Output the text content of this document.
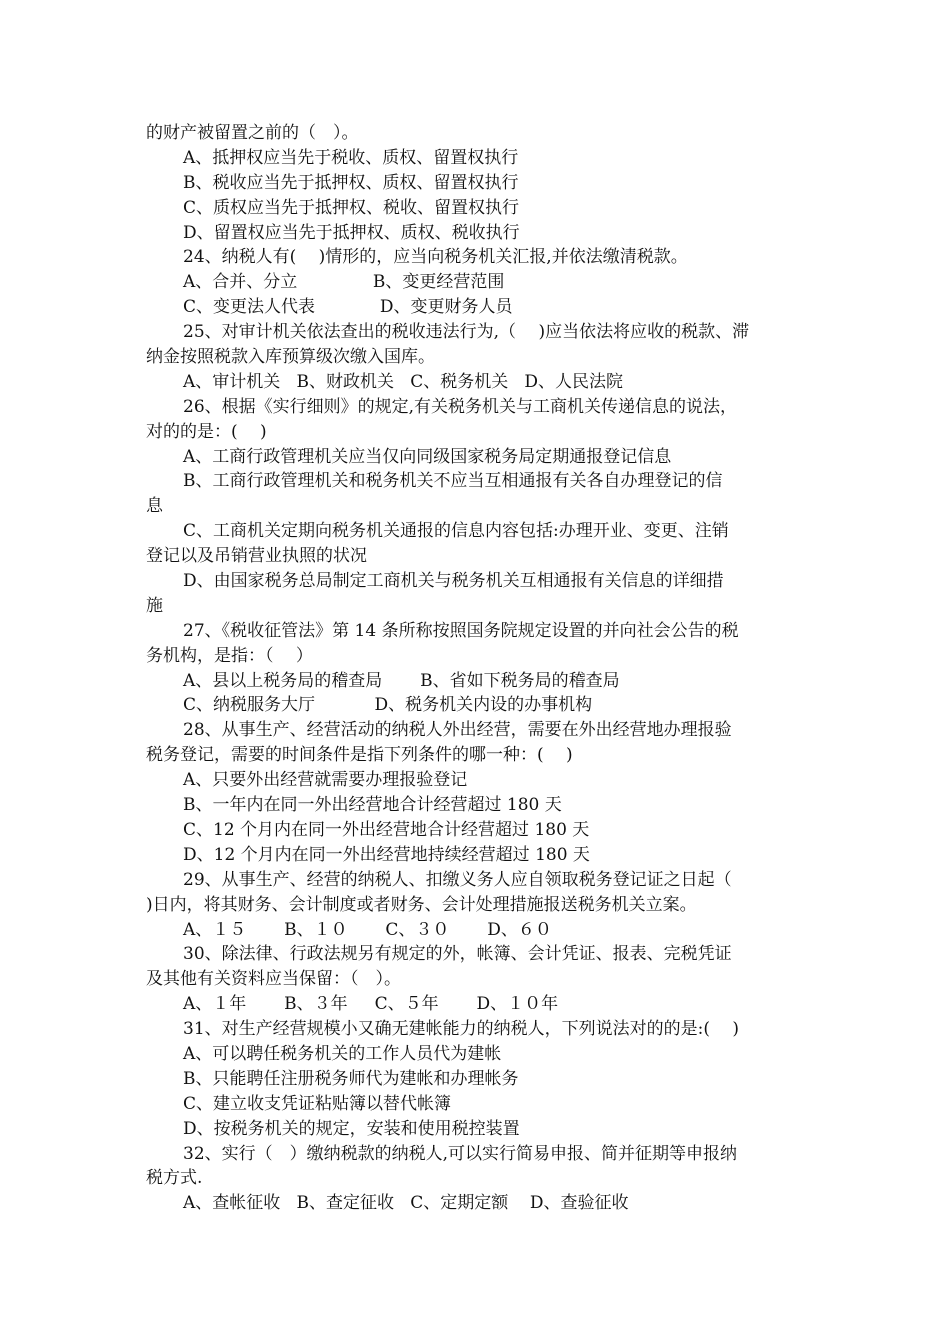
的财产被留置之前的（　）。
A、抵押权应当先于税收、质权、留置权执行
B、税收应当先于抵押权、质权、留置权执行
C、质权应当先于抵押权、税收、留置权执行
D、留置权应当先于抵押权、质权、税收执行
24、纳税人有(　 )情形的，应当向税务机关汇报,并依法缴清税款。
A、合并、分立              B、变更经营范围
C、变更法人代表            D、变更财务人员
25、对审计机关依法查出的税收违法行为,（　 )应当依法将应收的税款、滞
纳金按照税款入库预算级次缴入国库。
A、审计机关   B、财政机关   C、税务机关   D、人民法院
26、根据《实行细则》的规定,有关税务机关与工商机关传递信息的说法，
对的的是：(　 )
A、工商行政管理机关应当仅向同级国家税务局定期通报登记信息
B、工商行政管理机关和税务机关不应当互相通报有关各自办理登记的信
息
C、工商机关定期向税务机关通报的信息内容包括:办理开业、变更、注销
登记以及吊销营业执照的状况
D、由国家税务总局制定工商机关与税务机关互相通报有关信息的详细措
施
27、《税收征管法》第 14 条所称按照国务院规定设置的并向社会公告的税
务机构，是指：（　 ）
A、县以上税务局的稽查局       B、省如下税务局的稽查局
C、纳税服务大厅           D、税务机关内设的办事机构
28、从事生产、经营活动的纳税人外出经营，需要在外出经营地办理报验
税务登记，需要的时间条件是指下列条件的哪一种：(　 )
A、只要外出经营就需要办理报验登记
B、一年内在同一外出经营地合计经营超过 180 天
C、12 个月内在同一外出经营地合计经营超过 180 天
D、12 个月内在同一外出经营地持续经营超过 180 天
29、从事生产、经营的纳税人、扣缴义务人应自领取税务登记证之日起（
)日内，将其财务、会计制度或者财务、会计处理措施报送税务机关立案。
A、１５       B、１０       C、３０       D、６０
30、除法律、行政法规另有规定的外，帐簿、会计凭证、报表、完税凭证
及其他有关资料应当保留：（　）。
A、１年       B、３年     C、５年       D、１０年
31、对生产经营规模小又确无建帐能力的纳税人，下列说法对的的是:(　 )
A、可以聘任税务机关的工作人员代为建帐
B、只能聘任注册税务师代为建帐和办理帐务
C、建立收支凭证粘贴簿以替代帐簿
D、按税务机关的规定，安装和使用税控装置
32、实行（　）缴纳税款的纳税人,可以实行简易申报、简并征期等申报纳
税方式.
A、查帐征收   B、查定征收   C、定期定额    D、查验征收
